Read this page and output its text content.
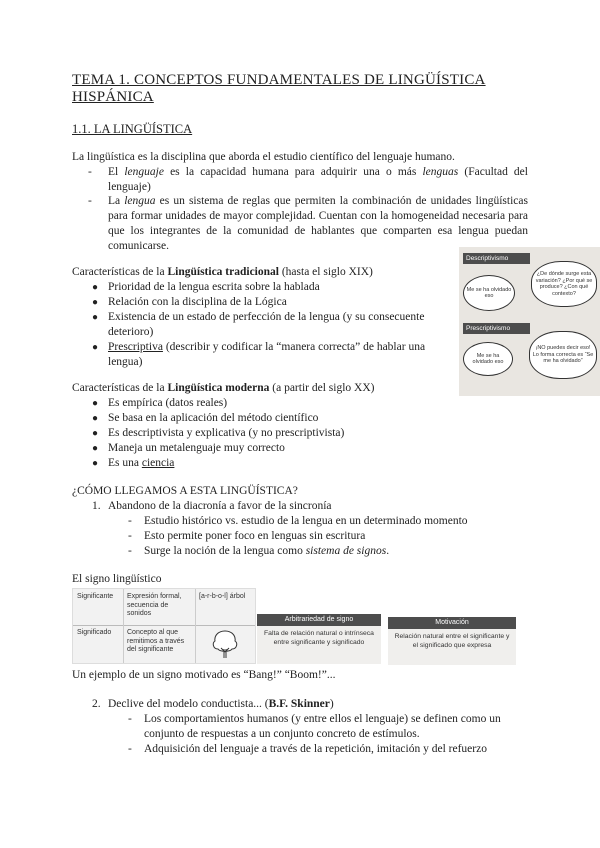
TEMA 1. CONCEPTOS FUNDAMENTALES DE LINGÜÍSTICA
HISPÁNICA
1.1. LA LINGÜÍSTICA
La lingüística es la disciplina que aborda el estudio científico del lenguaje humano.
- El lenguaje es la capacidad humana para adquirir una o más lenguas (Facultad del lenguaje)
- La lengua es un sistema de reglas que permiten la combinación de unidades lingüísticas para formar unidades de mayor complejidad. Cuentan con la homogeneidad necesaria para que los integrantes de la comunidad de hablantes que comparten esa lengua puedan comunicarse.
Características de la Lingüística tradicional (hasta el siglo XIX)
● Prioridad de la lengua escrita sobre la hablada
● Relación con la disciplina de la Lógica
● Existencia de un estado de perfección de la lengua (y su consecuente deterioro)
● Prescriptiva (describir y codificar la “manera correcta” de hablar una lengua)
Descriptivismo
Me se ha olvidado eso
¿De dónde surge esta variación? ¿Por qué se produce? ¿Con qué contexto?
Prescriptivismo
Me se ha olvidado eso
¡NO puedes decir eso! Lo forma correcta es “Se me ha olvidado”
Características de la Lingüística moderna (a partir del siglo XX)
● Es empírica (datos reales)
● Se basa en la aplicación del método científico
● Es descriptivista y explicativa (y no prescriptivista)
● Maneja un metalenguaje muy correcto
● Es una ciencia
¿CÓMO LLEGAMOS A ESTA LINGÜÍSTICA?
1. Abandono de la diacronía a favor de la sincronía
- Estudio histórico vs. estudio de la lengua en un determinado momento
- Esto permite poner foco en lenguas sin escritura
- Surge la noción de la lengua como sistema de signos.
El signo lingüístico
Significante	Expresión formal, secuencia de sonidos
[a-r-b-o-l] árbol
Significado	Concepto al que remitimos a través del significante
Arbitrariedad de signo
Falta de relación natural o intrínseca entre significante y significado
Motivación
Relación natural entre el significante y el significado que expresa
Un ejemplo de un signo motivado es “Bang!” “Boom!”...
2. Declive del modelo conductista... (B.F. Skinner)
- Los comportamientos humanos (y entre ellos el lenguaje) se definen como un conjunto de respuestas a un conjunto concreto de estímulos.
- Adquisición del lenguaje a través de la repetición, imitación y del refuerzo
